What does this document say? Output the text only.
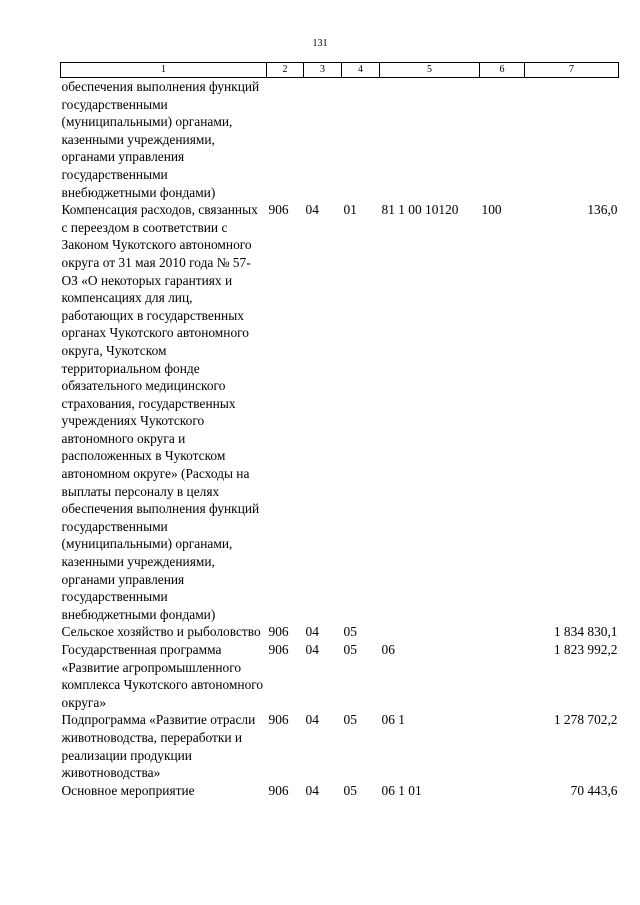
131
1	2	3	4	5	6	7
обеспечения выполнения функций государственными (муниципальными) органами, казенными учреждениями, органами управления государственными внебюджетными фондами)						
Компенсация расходов, связанных с переездом в соответствии с Законом Чукотского автономного округа от 31 мая 2010 года № 57-ОЗ «О некоторых гарантиях и компенсациях для лиц, работающих в государственных органах Чукотского автономного округа, Чукотском территориальном фонде обязательного медицинского страхования, государственных учреждениях Чукотского автономного округа и расположенных в Чукотском автономном округе» (Расходы на выплаты персоналу в целях обеспечения выполнения функций государственными (муниципальными) органами, казенными учреждениями, органами управления государственными внебюджетными фондами)	906	04	01	81 1 00 10120	100	136,0
Сельское хозяйство и рыболовство	906	04	05			1 834 830,1
Государственная программа «Развитие агропромышленного комплекса Чукотского автономного округа»	906	04	05	06		1 823 992,2
Подпрограмма «Развитие отрасли животноводства, переработки и реализации продукции животноводства»	906	04	05	06 1		1 278 702,2
Основное мероприятие	906	04	05	06 1 01		70 443,6
